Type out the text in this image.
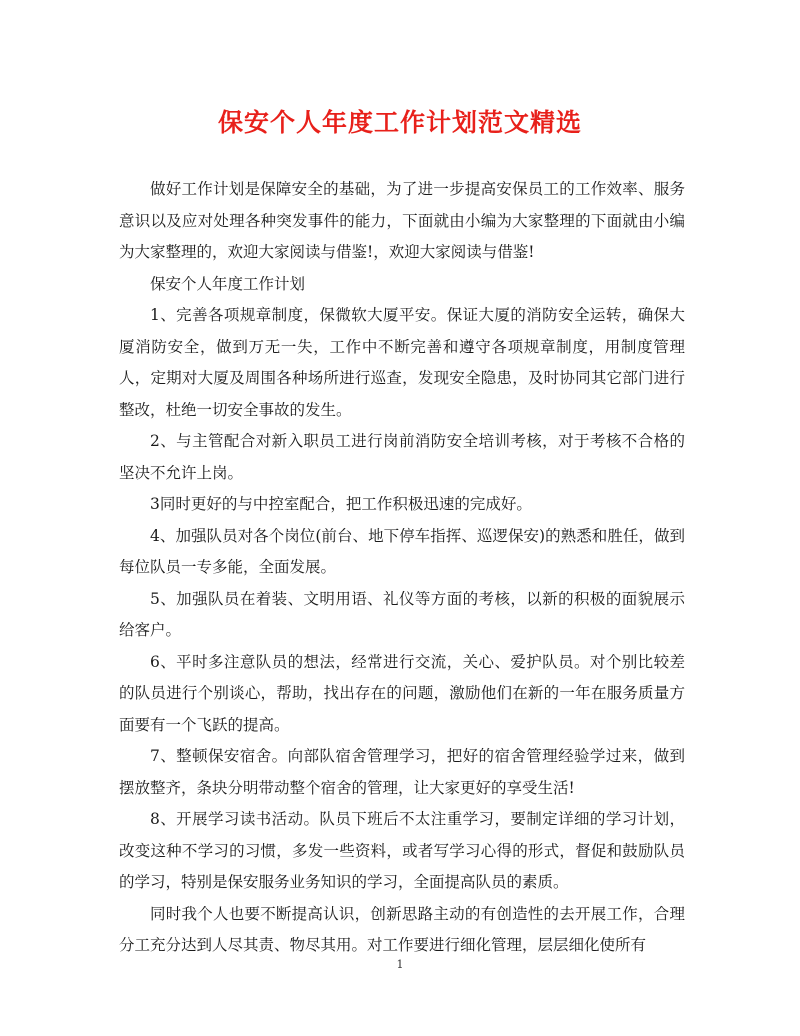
保安个人年度工作计划范文精选

做好工作计划是保障安全的基础，为了进一步提高安保员工的工作效率、服务意识以及应对处理各种突发事件的能力，下面就由小编为大家整理的下面就由小编为大家整理的，欢迎大家阅读与借鉴!，欢迎大家阅读与借鉴!

保安个人年度工作计划

1、完善各项规章制度，保微软大厦平安。保证大厦的消防安全运转，确保大厦消防安全，做到万无一失，工作中不断完善和遵守各项规章制度，用制度管理人，定期对大厦及周围各种场所进行巡查，发现安全隐患，及时协同其它部门进行整改，杜绝一切安全事故的发生。

2、与主管配合对新入职员工进行岗前消防安全培训考核，对于考核不合格的坚决不允许上岗。

3同时更好的与中控室配合，把工作积极迅速的完成好。

4、加强队员对各个岗位(前台、地下停车指挥、巡逻保安)的熟悉和胜任，做到每位队员一专多能，全面发展。

5、加强队员在着装、文明用语、礼仪等方面的考核，以新的积极的面貌展示给客户。

6、平时多注意队员的想法，经常进行交流，关心、爱护队员。对个别比较差的队员进行个别谈心，帮助，找出存在的问题，激励他们在新的一年在服务质量方面要有一个飞跃的提高。

7、整顿保安宿舍。向部队宿舍管理学习，把好的宿舍管理经验学过来，做到摆放整齐，条块分明带动整个宿舍的管理，让大家更好的享受生活!

8、开展学习读书活动。队员下班后不太注重学习，要制定详细的学习计划，改变这种不学习的习惯，多发一些资料，或者写学习心得的形式，督促和鼓励队员的学习，特别是保安服务业务知识的学习，全面提高队员的素质。

同时我个人也要不断提高认识，创新思路主动的有创造性的去开展工作，合理分工充分达到人尽其责、物尽其用。对工作要进行细化管理，层层细化使所有

1
